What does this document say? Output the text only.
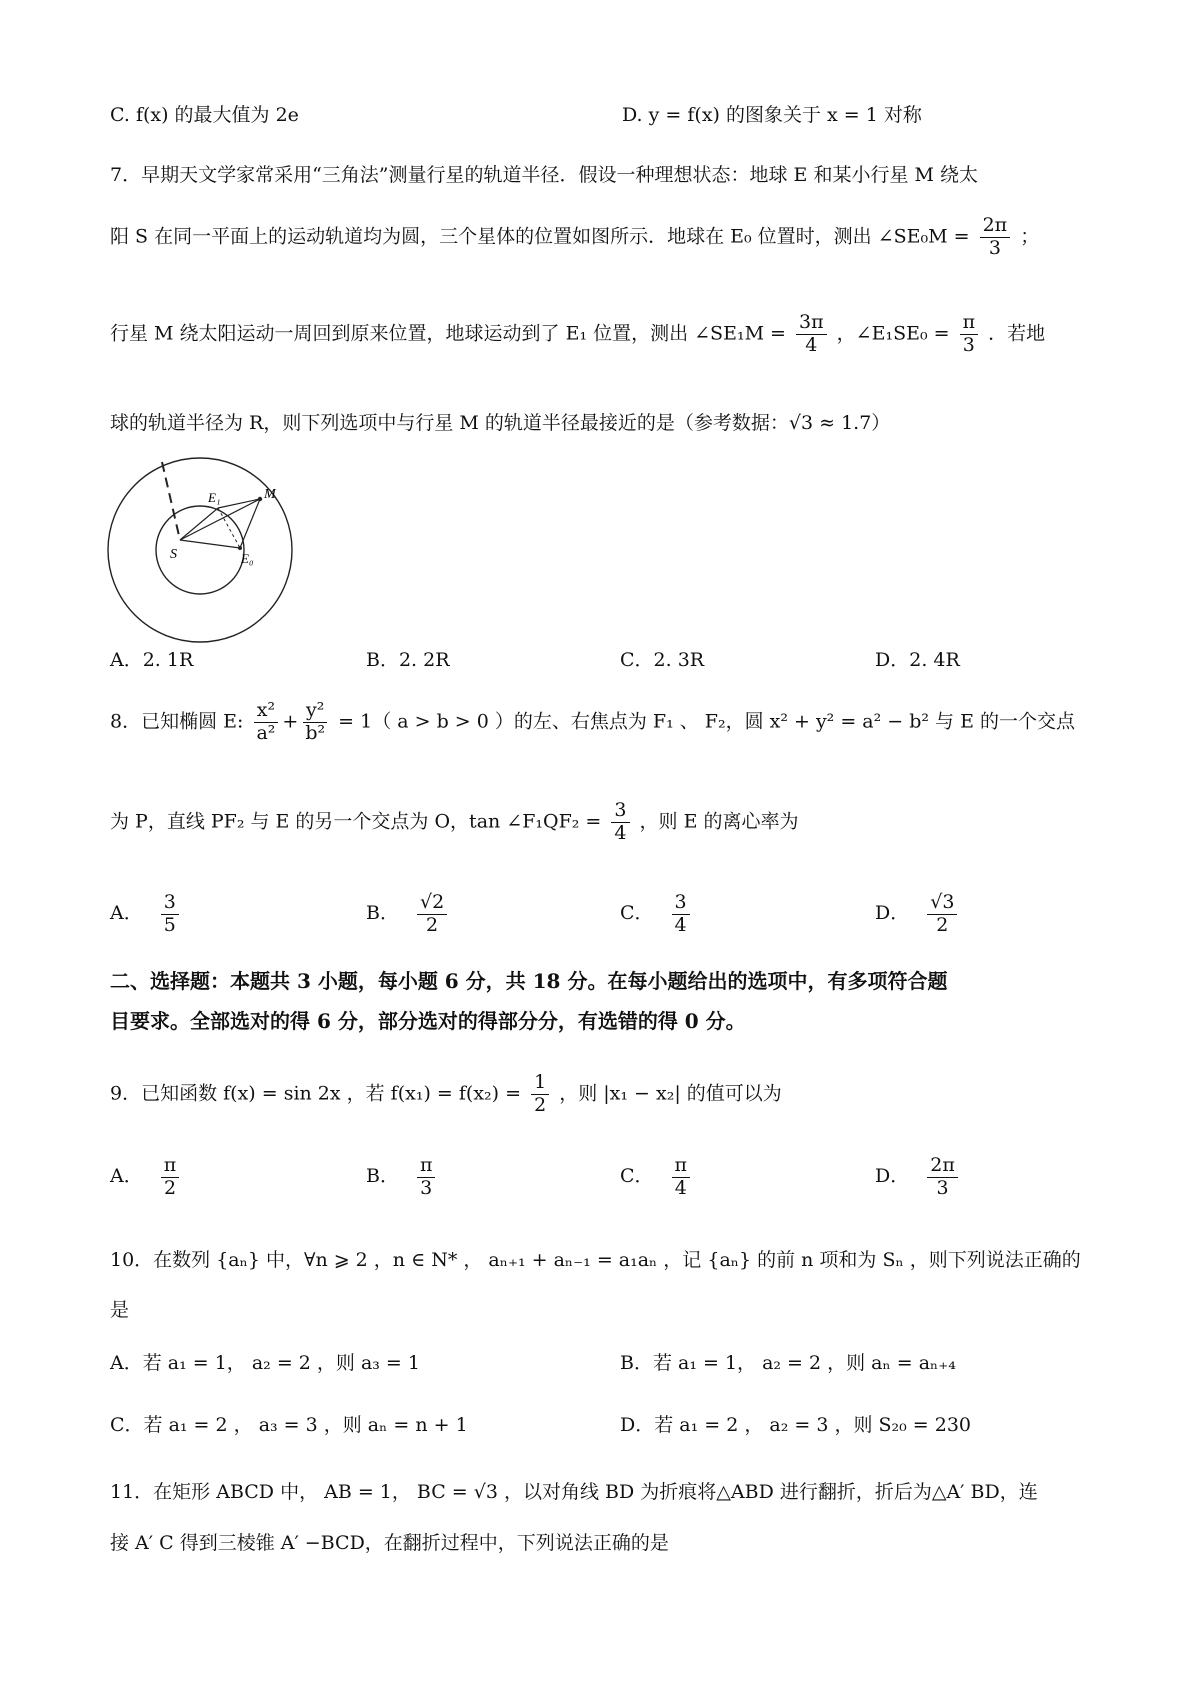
C. f(x) 的最大值为 2e	D. y = f(x) 的图象关于 x = 1 对称
7．早期天文学家常采用“三角法”测量行星的轨道半径．假设一种理想状态：地球 E 和某小行星 M 绕太
阳 S 在同一平面上的运动轨道均为圆，三个星体的位置如图所示．地球在 E₀ 位置时，测出 ∠SE₀M = $\frac{2\pi}{3}$ ；
行星 M 绕太阳运动一周回到原来位置，地球运动到了 E₁ 位置，测出 ∠SE₁M = $\frac{3\pi}{4}$ ，∠E₁SE₀ = $\frac{\pi}{3}$ ．若地
球的轨道半径为 R，则下列选项中与行星 M 的轨道半径最接近的是（参考数据：√3 ≈ 1.7）
E₁	M
S	E₀
A．2. 1R	B．2. 2R	C．2. 3R	D．2. 4R
8．已知椭圆 E: $\frac{\text{x²}}{\text{a²}} + \frac{\text{y²}}{\text{b²}} = 1$（ a > b > 0 ）的左、右焦点为 F₁ 、 F₂，圆 x² + y² = a² − b² 与 E 的一个交点
为 P，直线 PF₂ 与 E 的另一个交点为 O，tan ∠F₁QF₂ = $\frac{3}{4}$ ，则 E 的离心率为
A． $\frac{3}{5}$	B． $\frac{√2}{2}$	C． $\frac{3}{4}$	D． $\frac{√3}{2}$
二、选择题：本题共 3 小题，每小题 6 分，共 18 分。在每小题给出的选项中，有多项符合题
目要求。全部选对的得 6 分，部分选对的得部分分，有选错的得 0 分。
9．已知函数 f(x) = sin 2x ，若 $f(x_1) = f(x_2) = \frac{1}{2}$ ，则 |x₁ − x₂| 的值可以为
A． $\frac{\pi}{2}$	B． $\frac{\pi}{3}$	C． $\frac{\pi}{4}$	D． $\frac{2\pi}{3}$
10．在数列 {aₙ} 中，∀n ⩾ 2 ，n ∈ N* ， aₙ₊₁ + aₙ₋₁ = a₁aₙ ，记 {aₙ} 的前 n 项和为 Sₙ ，则下列说法正确的
是
A．若 a₁ = 1， a₂ = 2 ，则 a₃ = 1	B．若 a₁ = 1， a₂ = 2 ，则 aₙ = aₙ₊₄
C．若 a₁ = 2 ， a₃ = 3 ，则 aₙ = n + 1	D．若 a₁ = 2 ， a₂ = 3 ，则 S₂₀ = 230
11．在矩形 ABCD 中， AB = 1， BC = √3 ，以对角线 BD 为折痕将△ABD 进行翻折，折后为△A′ BD，连
接 A′ C 得到三棱锥 A′ −BCD，在翻折过程中，下列说法正确的是
